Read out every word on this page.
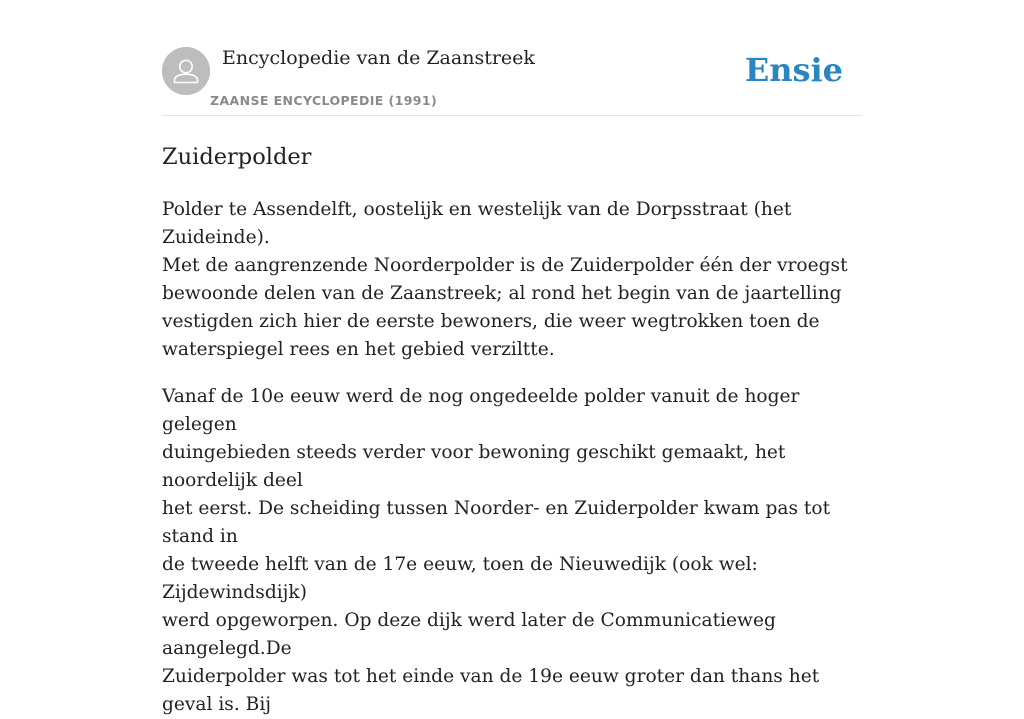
Encyclopedie van de Zaanstreek
ZAANSE ENCYCLOPEDIE (1991)
Ensie
Zuiderpolder

Polder te Assendelft, oostelijk en westelijk van de Dorpsstraat (het Zuideinde).
Met de aangrenzende Noorderpolder is de Zuiderpolder één der vroegst
bewoonde delen van de Zaanstreek; al rond het begin van de jaartelling
vestigden zich hier de eerste bewoners, die weer wegtrokken toen de
waterspiegel rees en het gebied verziltte.

Vanaf de 10e eeuw werd de nog ongedeelde polder vanuit de hoger gelegen
duingebieden steeds verder voor bewoning geschikt gemaakt, het noordelijk deel
het eerst. De scheiding tussen Noorder- en Zuiderpolder kwam pas tot stand in
de tweede helft van de 17e eeuw, toen de Nieuwedijk (ook wel: Zijdewindsdijk)
werd opgeworpen. Op deze dijk werd later de Communicatieweg aangelegd.De
Zuiderpolder was tot het einde van de 19e eeuw groter dan thans het geval is. Bij
